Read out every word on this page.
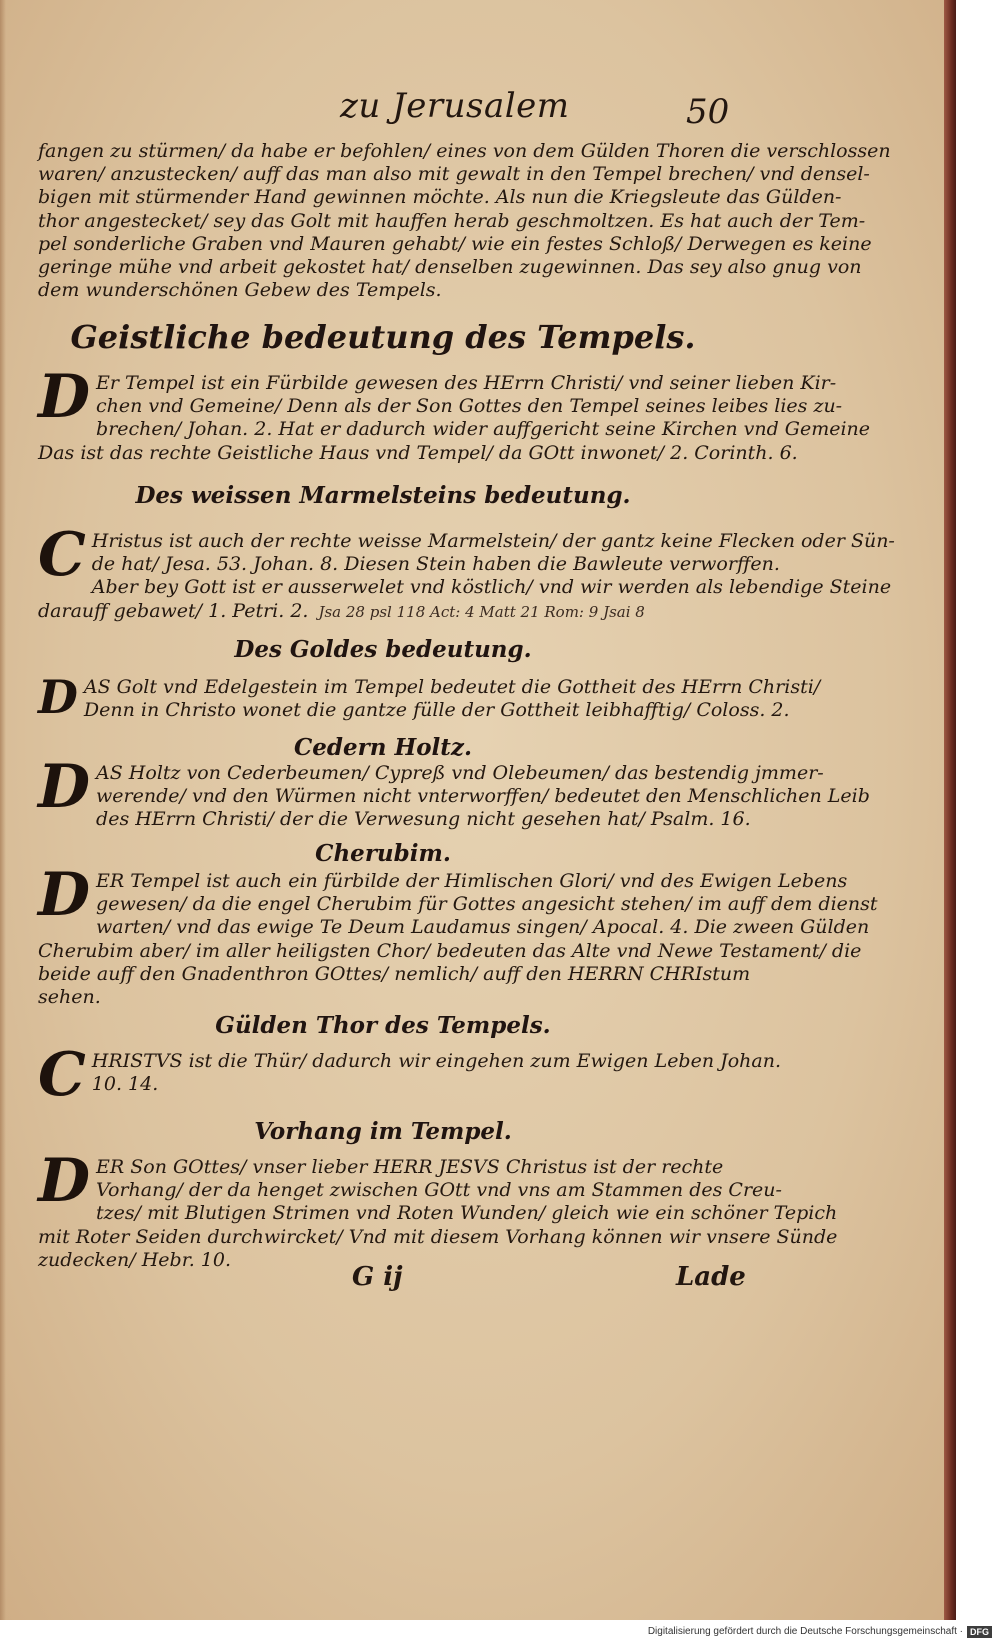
zu Jerusalem	50

fangen zu stürmen/ da habe er befohlen/ eines von dem Gülden Thoren die verschlossen

waren/ anzustecken/ auff das man also mit gewalt in den Tempel brechen/ vnd densel-

bigen mit stürmender Hand gewinnen möchte. Als nun die Kriegsleute das Gülden-

thor angestecket/ sey das Golt mit hauffen herab geschmoltzen. Es hat auch der Tem-

pel sonderliche Graben vnd Mauren gehabt/ wie ein festes Schloß/ Derwegen es keine

geringe mühe vnd arbeit gekostet hat/ denselben zugewinnen. Das sey also gnug von

dem wunderschönen Gebew des Tempels.

Geistliche bedeutung des Tempels.
D Er Tempel ist ein Fürbilde gewesen des HErrn Christi/ vnd seiner lieben Kir-

chen vnd Gemeine/ Denn als der Son Gottes den Tempel seines leibes lies zu-

brechen/ Johan. 2. Hat er dadurch wider auffgericht seine Kirchen vnd Gemeine

Das ist das rechte Geistliche Haus vnd Tempel/ da GOtt inwonet/ 2. Corinth. 6.

Des weissen Marmelsteins bedeutung.
C Hristus ist auch der rechte weisse Marmelstein/ der gantz keine Flecken oder Sün-

de hat/ Jesa. 53. Johan. 8. Diesen Stein haben die Bawleute verworffen.

Aber bey Gott ist er ausserwelet vnd köstlich/ vnd wir werden als lebendige Steine

darauff gebawet/ 1. Petri. 2. Jsa 28 psl 118 Act: 4 Matt 21 Rom: 9 Jsai 8

Des Goldes bedeutung.
D AS Golt vnd Edelgestein im Tempel bedeutet die Gottheit des HErrn Christi/

Denn in Christo wonet die gantze fülle der Gottheit leibhafftig/ Coloss. 2.

Cedern Holtz.
D AS Holtz von Cederbeumen/ Cypreß vnd Olebeumen/ das bestendig jmmer-

werende/ vnd den Würmen nicht vnterworffen/ bedeutet den Menschlichen Leib

des HErrn Christi/ der die Verwesung nicht gesehen hat/ Psalm. 16.

Cherubim.
D ER Tempel ist auch ein fürbilde der Himlischen Glori/ vnd des Ewigen Lebens

gewesen/ da die engel Cherubim für Gottes angesicht stehen/ im auff dem dienst

warten/ vnd das ewige Te Deum Laudamus singen/ Apocal. 4. Die zween Gülden

Cherubim aber/ im aller heiligsten Chor/ bedeuten das Alte vnd Newe Testament/ die

beide auff den Gnadenthron GOttes/ nemlich/ auff den HERRN CHRIstum

sehen.

Gülden Thor des Tempels.
C HRISTVS ist die Thür/ dadurch wir eingehen zum Ewigen Leben Johan.

10. 14.

Vorhang im Tempel.
D ER Son GOttes/ vnser lieber HERR JESVS Christus ist der rechte

Vorhang/ der da henget zwischen GOtt vnd vns am Stammen des Creu-

tzes/ mit Blutigen Strimen vnd Roten Wunden/ gleich wie ein schöner Tepich

mit Roter Seiden durchwircket/ Vnd mit diesem Vorhang können wir vnsere Sünde

zudecken/ Hebr. 10.

G ij	Lade
Digitalisierung gefördert durch die Deutsche Forschungsgemeinschaft · DFG
